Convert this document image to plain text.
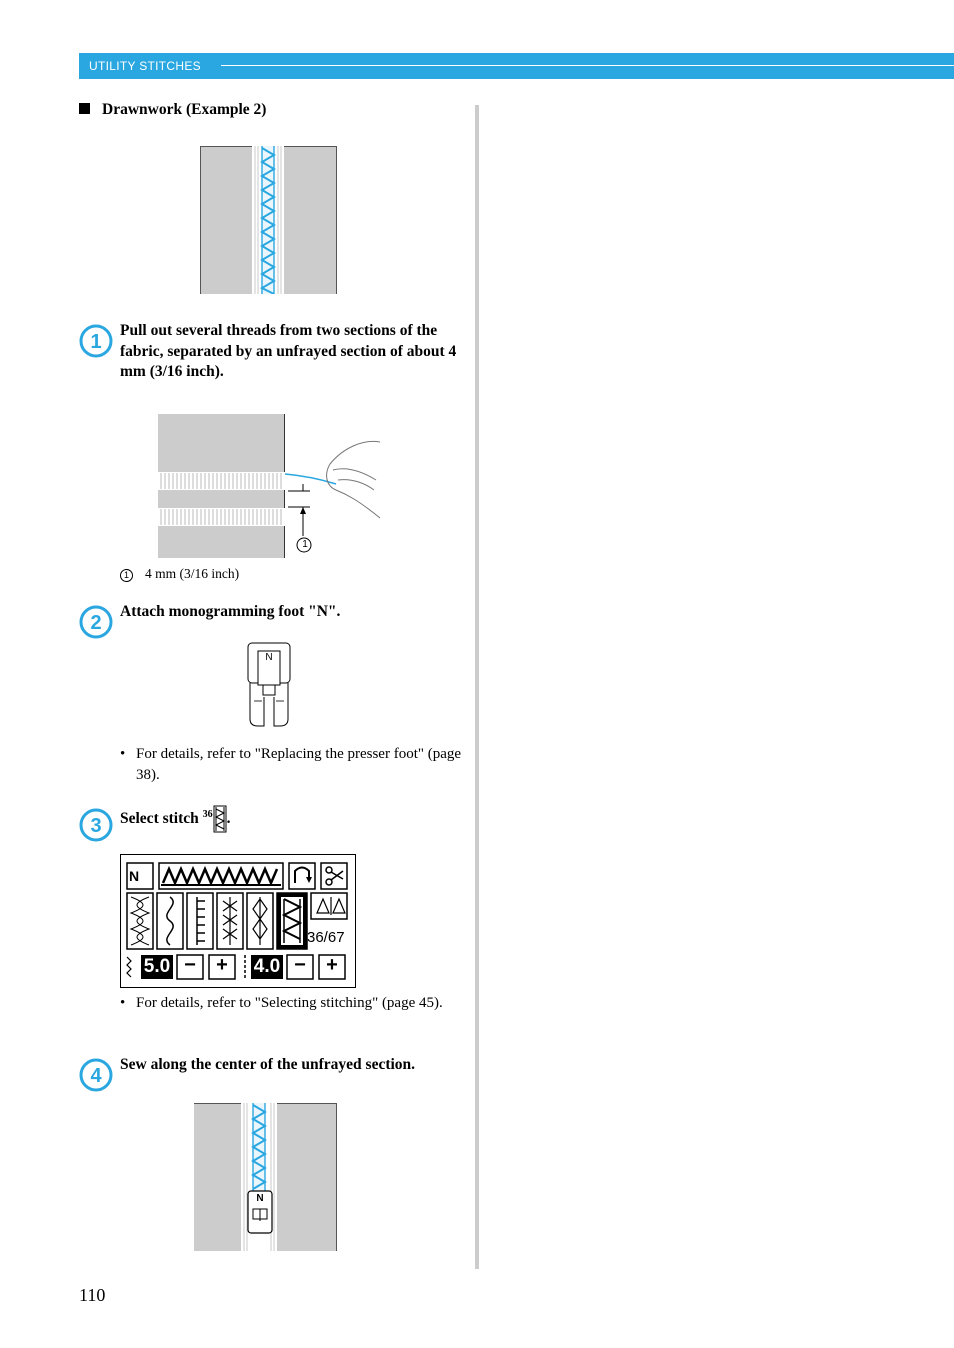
UTILITY STITCHES
Drawnwork (Example 2)
1
Pull out several threads from two sections of the fabric, separated by an unfrayed section of about 4 mm (3/16 inch).
1
1 4 mm (3/16 inch)
2
Attach monogramming foot "N".
N
• For details, refer to "Replacing the presser foot" (page 38).
3 Select stitch $^{36}$ .
N
36/67
5.0 −	+	4.0 −	+
• For details, refer to "Selecting stitching" (page 45).
4
Sew along the center of the unfrayed section.
N
110
